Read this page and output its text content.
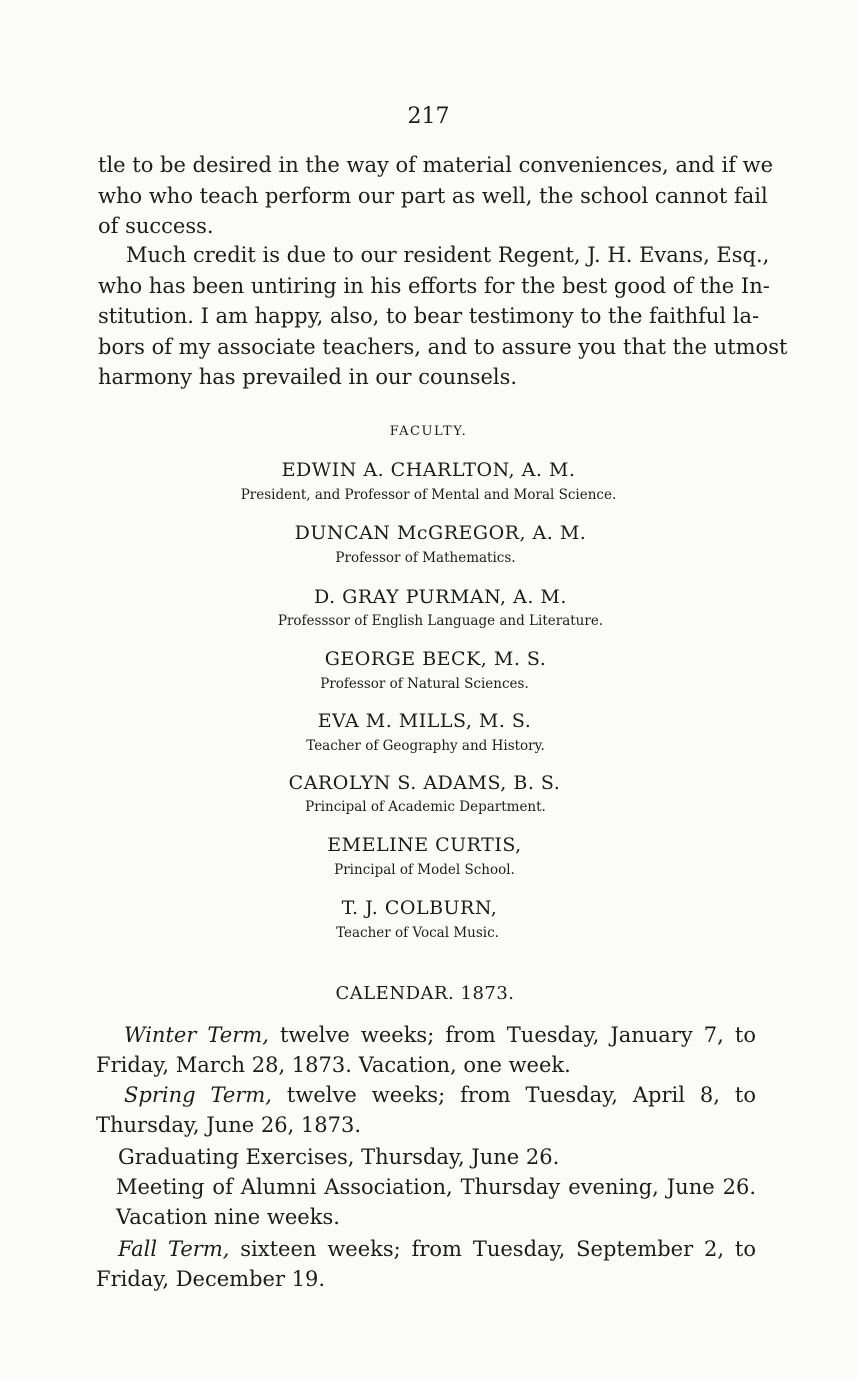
217

tle to be desired in the way of material conveniences, and if we
who who teach perform our part as well, the school cannot fail
of success.

Much credit is due to our resident Regent, J. H. Evans, Esq.,
who has been untiring in his efforts for the best good of the In-
stitution. I am happy, also, to bear testimony to the faithful la-
bors of my associate teachers, and to assure you that the utmost
harmony has prevailed in our counsels.

FACULTY.
EDWIN A. CHARLTON, A. M.
President, and Professor of Mental and Moral Science.
DUNCAN McGREGOR, A. M.
Professor of Mathematics.
D. GRAY PURMAN, A. M.
Professsor of English Language and Literature.
GEORGE BECK, M. S.
Professor of Natural Sciences.
EVA M. MILLS, M. S.
Teacher of Geography and History.
CAROLYN S. ADAMS, B. S.
Principal of Academic Department.
EMELINE CURTIS,
Principal of Model School.
T. J. COLBURN,
Teacher of Vocal Music.
CALENDAR. 1873.
Winter Term, twelve weeks; from Tuesday, January 7, to
Friday, March 28, 1873. Vacation, one week.
Spring Term, twelve weeks; from Tuesday, April 8, to
Thursday, June 26, 1873.
Graduating Exercises, Thursday, June 26.
Meeting of Alumni Association, Thursday evening, June 26.
Vacation nine weeks.
Fall Term, sixteen weeks; from Tuesday, September 2, to
Friday, December 19.
